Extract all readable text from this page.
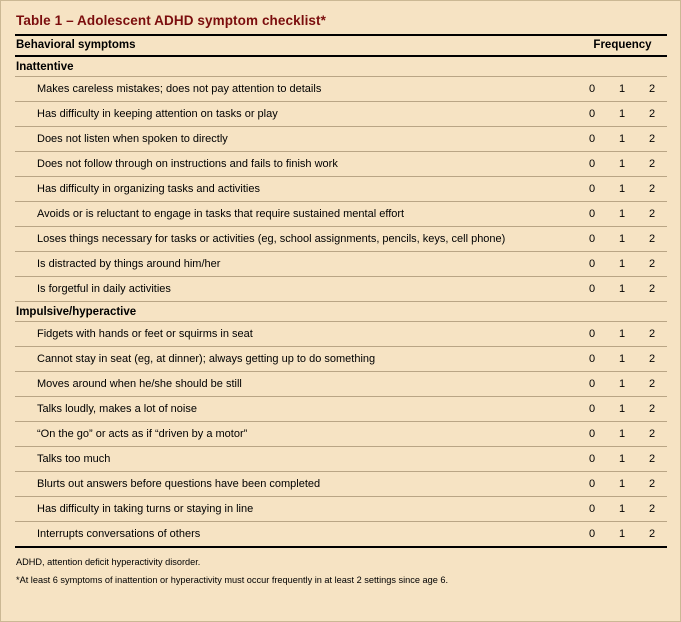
Table 1 – Adolescent ADHD symptom checklist*
Behavioral symptoms	Frequency		
Inattentive			
Makes careless mistakes; does not pay attention to details	0	1	2
Has difficulty in keeping attention on tasks or play	0	1	2
Does not listen when spoken to directly	0	1	2
Does not follow through on instructions and fails to finish work	0	1	2
Has difficulty in organizing tasks and activities	0	1	2
Avoids or is reluctant to engage in tasks that require sustained mental effort	0	1	2
Loses things necessary for tasks or activities (eg, school assignments, pencils, keys, cell phone)	0	1	2
Is distracted by things around him/her	0	1	2
Is forgetful in daily activities	0	1	2
Impulsive/hyperactive			
Fidgets with hands or feet or squirms in seat	0	1	2
Cannot stay in seat (eg, at dinner); always getting up to do something	0	1	2
Moves around when he/she should be still	0	1	2
Talks loudly, makes a lot of noise	0	1	2
“On the go” or acts as if “driven by a motor”	0	1	2
Talks too much	0	1	2
Blurts out answers before questions have been completed	0	1	2
Has difficulty in taking turns or staying in line	0	1	2
Interrupts conversations of others	0	1	2
ADHD, attention deficit hyperactivity disorder.
*At least 6 symptoms of inattention or hyperactivity must occur frequently in at least 2 settings since age 6.
